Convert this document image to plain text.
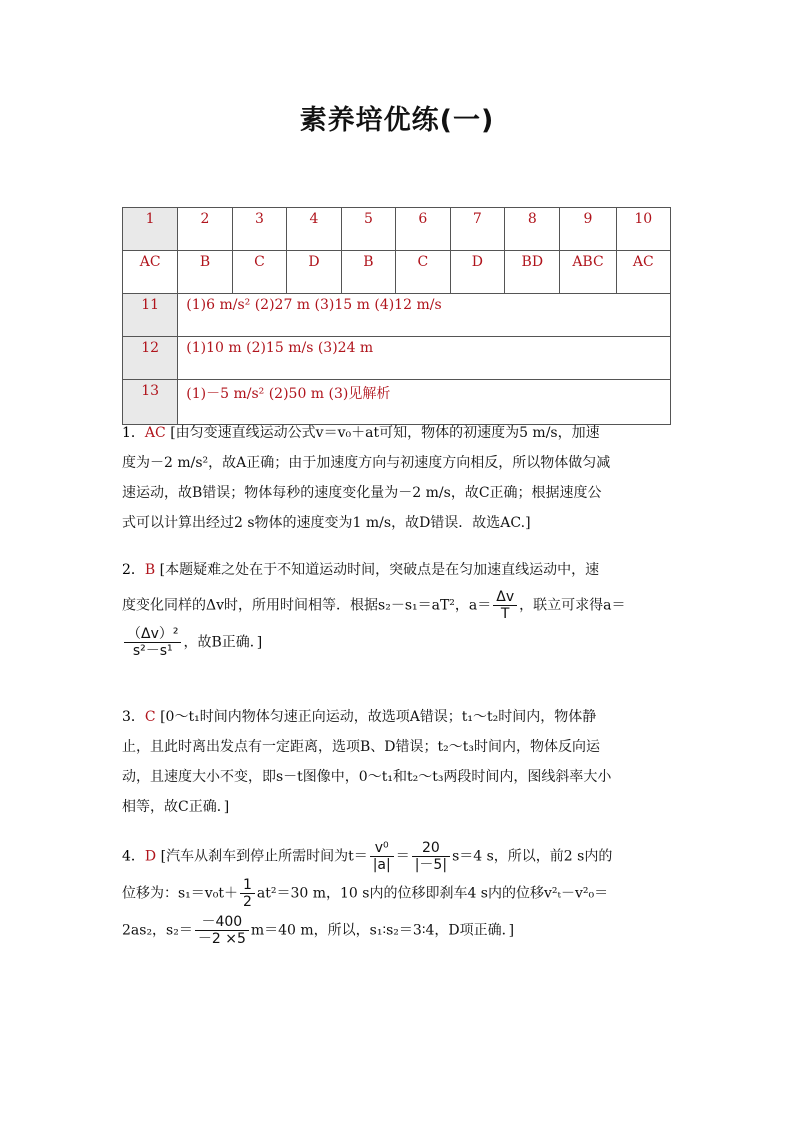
素养培优练(一)
1	2	3	4	5	6	7	8	9	10
AC	B	C	D	B	C	D	BD	ABC	AC
11	(1)6 m/s² (2)27 m (3)15 m (4)12 m/s								
12	(1)10 m (2)15 m/s (3)24 m								
13	(1)－5 m/s² (2)50 m (3)见解析								
1．AC [由匀变速直线运动公式v＝v₀＋at可知，物体的初速度为5 m/s，加速
度为－2 m/s²，故A正确；由于加速度方向与初速度方向相反，所以物体做匀减
速运动，故B错误；物体每秒的速度变化量为－2 m/s，故C正确；根据速度公
式可以计算出经过2 s物体的速度变为1 m/s，故D错误．故选AC.]
2．B [本题疑难之处在于不知道运动时间，突破点是在匀加速直线运动中，速
度变化同样的Δv时，所用时间相等．根据s₂－s₁＝aT²，$a= \frac{\Delta v}{T}$ ，联立可求得a＝
$\frac{\text{（Δv）²}}{\text{s²－s¹}}$ ，故B正确．]
3．C [0～t₁时间内物体匀速正向运动，故选项A错误；t₁～t₂时间内，物体静
止，且此时离出发点有一定距离，选项B、D错误；t₂～t₃时间内，物体反向运
动，且速度大小不变，即s－t图像中，0～t₁和t₂～t₃两段时间内，图线斜率大小
相等，故C正确．]
4．D [汽车从刹车到停止所需时间为$t= \frac{\text{v⁰}}{|a|} = \frac{20}{|-5|} s=4$ s，所以，前2 s内的
位移为：$s_1=v_0t+ \frac{1}{2} at^2=30$ m，10 s内的位移即刹车4 s内的位移v²ₜ－v²₀＝
2as₂，$s_2= \frac{-400}{-2 \times 5} m=40$ m，所以，s₁∶s₂＝3∶4，D项正确．]
